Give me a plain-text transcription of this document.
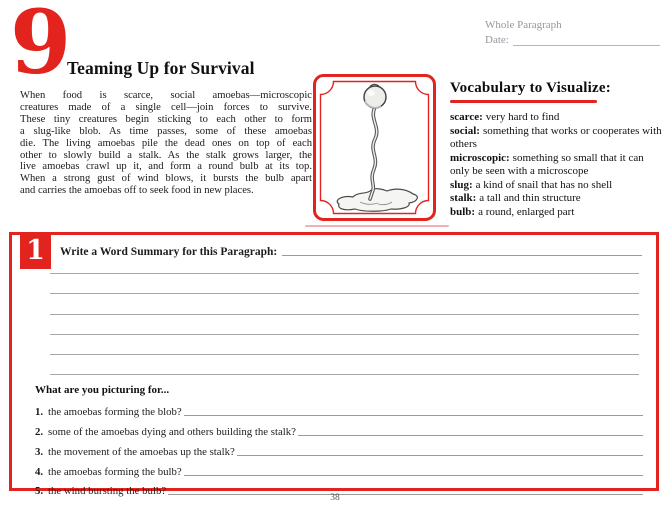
9
Teaming Up for Survival
Whole Paragraph
Date:
When food is scarce, social amoebas—microscopic
creatures made of a single cell—join forces to survive.
These tiny creatures begin sticking to each other to form
a slug-like blob. As time passes, some of these amoebas
die. The living amoebas pile the dead ones on top of each
other to slowly build a stalk. As the stalk grows larger, the
live amoebas crawl up it, and form a round bulb at its top.
When a strong gust of wind blows, it bursts the bulb apart
and carries the amoebas off to seek food in new places.
Vocabulary to Visualize:
scarce: very hard to find
social: something that works or cooperates with others
microscopic: something so small that it can only be seen with a microscope
slug: a kind of snail that has no shell
stalk: a tall and thin structure
bulb: a round, enlarged part
1	Write a Word Summary for this Paragraph:
What are you picturing for...
1. the amoebas forming the blob?
2. some of the amoebas dying and others building the stalk?
3. the movement of the amoebas up the stalk?
4. the amoebas forming the bulb?
5. the wind bursting the bulb?
38
